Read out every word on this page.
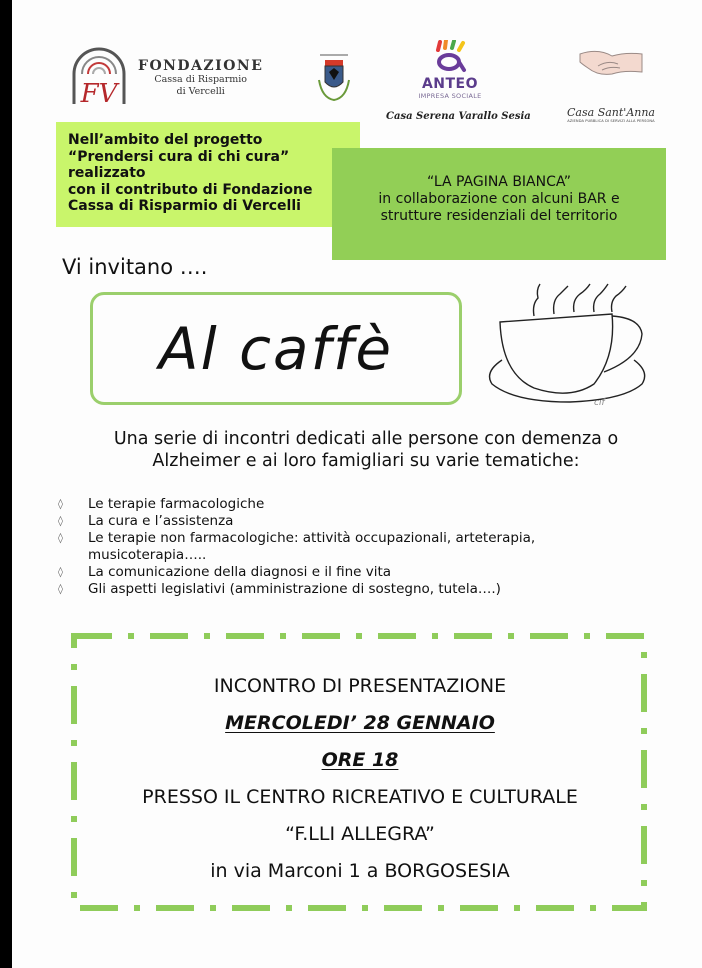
FV
FONDAZIONE
Cassa di Risparmio
di Vercelli	ANTEO
IMPRESA SOCIALE
Casa Serena Varallo Sesia	Casa Sant'Anna
AZIENDA PUBBLICA DI SERVIZI ALLA PERSONA
Nell’ambito del progetto
“Prendersi cura di chi cura”
realizzato
con il contributo di Fondazione
Cassa di Risparmio di Vercelli
“LA PAGINA BIANCA”
in collaborazione con alcuni BAR e
strutture residenziali del territorio
Vi invitano ….
Al caffè
cif
Una serie di incontri dedicati alle persone con demenza o
Alzheimer e ai loro famigliari su varie tematiche:
◊ Le terapie farmacologiche
◊ La cura e l’assistenza
◊ Le terapie non farmacologiche: attività occupazionali, arteterapia,
musicoterapia…..
◊ La comunicazione della diagnosi e il fine vita
◊ Gli aspetti legislativi (amministrazione di sostegno, tutela….)
INCONTRO DI PRESENTAZIONE
MERCOLEDI’ 28 GENNAIO
ORE 18
PRESSO IL CENTRO RICREATIVO E CULTURALE
“F.LLI ALLEGRA”
in via Marconi 1 a BORGOSESIA
